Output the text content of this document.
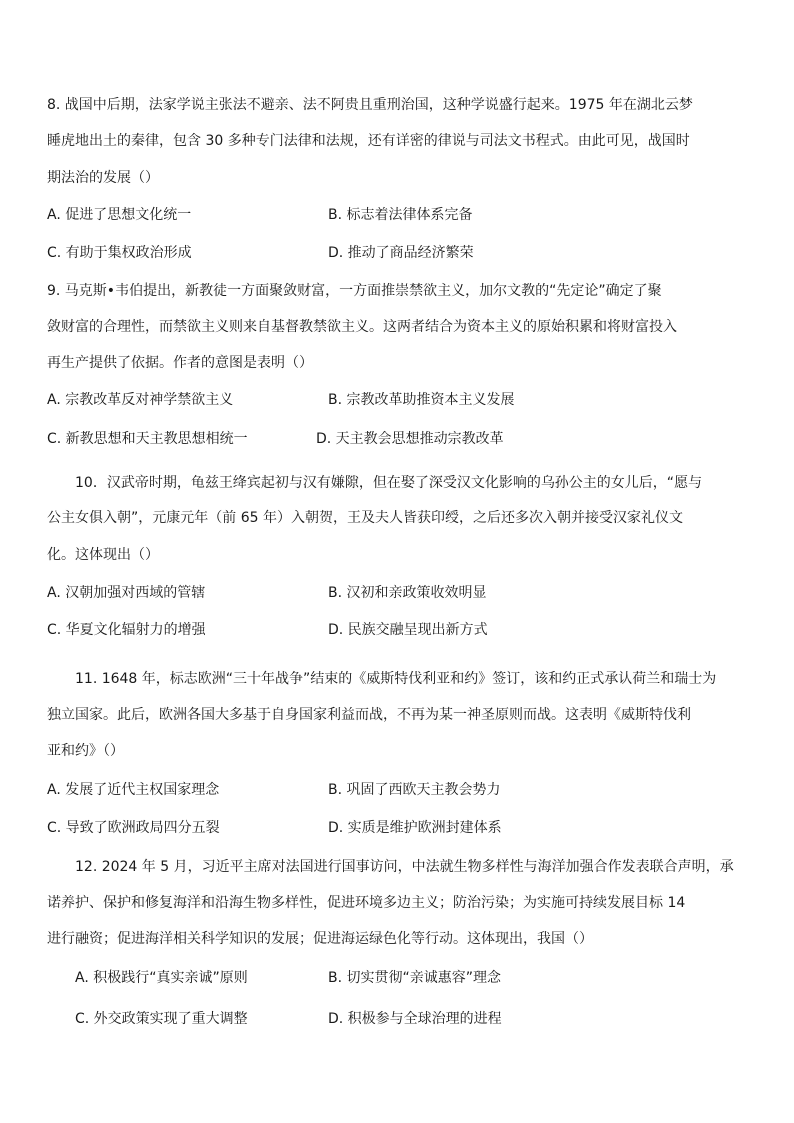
8. 战国中后期，法家学说主张法不避亲、法不阿贵且重刑治国，这种学说盛行起来。1975 年在湖北云梦
睡虎地出土的秦律，包含 30 多种专门法律和法规，还有详密的律说与司法文书程式。由此可见，战国时
期法治的发展（）
A. 促进了思想文化统一	B. 标志着法律体系完备
C. 有助于集权政治形成	D. 推动了商品经济繁荣
9. 马克斯•韦伯提出，新教徒一方面聚敛财富，一方面推崇禁欲主义，加尔文教的“先定论”确定了聚
敛财富的合理性，而禁欲主义则来自基督教禁欲主义。这两者结合为资本主义的原始积累和将财富投入
再生产提供了依据。作者的意图是表明（）
A. 宗教改革反对神学禁欲主义	B. 宗教改革助推资本主义发展
C. 新教思想和天主教思想相统一	D. 天主教会思想推动宗教改革
10．汉武帝时期，龟兹王绛宾起初与汉有嫌隙，但在娶了深受汉文化影响的乌孙公主的女儿后，“愿与
公主女俱入朝”，元康元年（前 65 年）入朝贺，王及夫人皆获印绶，之后还多次入朝并接受汉家礼仪文
化。这体现出（）
A. 汉朝加强对西域的管辖	B. 汉初和亲政策收效明显
C. 华夏文化辐射力的增强	D. 民族交融呈现出新方式
11. 1648 年，标志欧洲“三十年战争”结束的《威斯特伐利亚和约》签订，该和约正式承认荷兰和瑞士为
独立国家。此后，欧洲各国大多基于自身国家利益而战，不再为某一神圣原则而战。这表明《威斯特伐利
亚和约》（）
A. 发展了近代主权国家理念	B. 巩固了西欧天主教会势力
C. 导致了欧洲政局四分五裂	D. 实质是维护欧洲封建体系
12. 2024 年 5 月，习近平主席对法国进行国事访问，中法就生物多样性与海洋加强合作发表联合声明，承
诺养护、保护和修复海洋和沿海生物多样性，促进环境多边主义；防治污染；为实施可持续发展目标 14
进行融资；促进海洋相关科学知识的发展；促进海运绿色化等行动。这体现出，我国（）
A. 积极践行“真实亲诚”原则	B. 切实贯彻“亲诚惠容”理念
C. 外交政策实现了重大调整	D. 积极参与全球治理的进程
